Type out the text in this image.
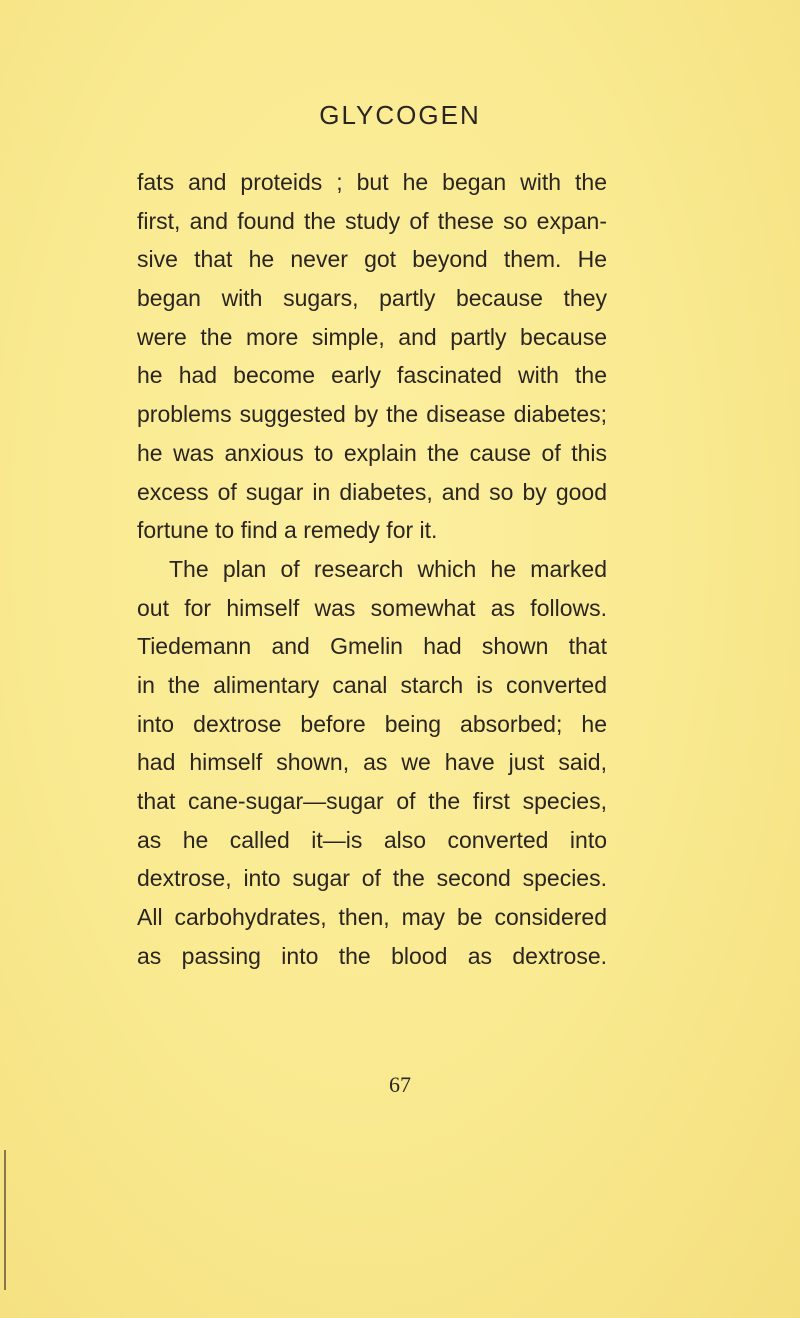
GLYCOGEN
fats and proteids ; but he began with the
first, and found the study of these so expan-
sive that he never got beyond them. He
began with sugars, partly because they
were the more simple, and partly because
he had become early fascinated with the
problems suggested by the disease diabetes;
he was anxious to explain the cause of this
excess of sugar in diabetes, and so by good
fortune to find a remedy for it.
The plan of research which he marked
out for himself was somewhat as follows.
Tiedemann and Gmelin had shown that
in the alimentary canal starch is converted
into dextrose before being absorbed; he
had himself shown, as we have just said,
that cane-sugar—sugar of the first species,
as he called it—is also converted into
dextrose, into sugar of the second species.
All carbohydrates, then, may be considered
as passing into the blood as dextrose.
67
